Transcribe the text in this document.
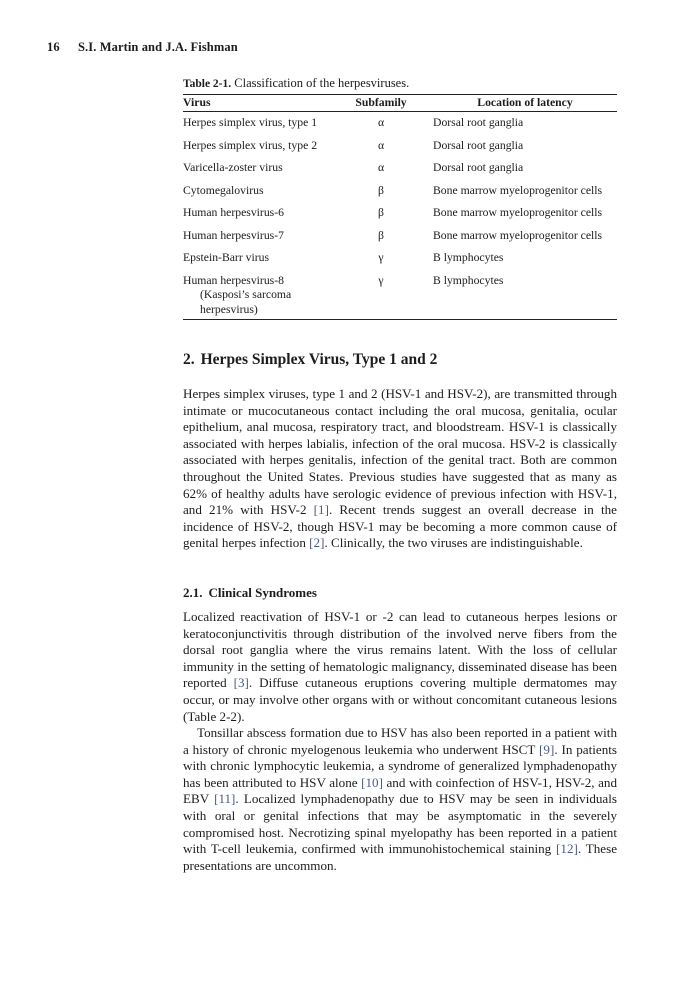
16 S.I. Martin and J.A. Fishman
Table 2-1. Classification of the herpesviruses.
Virus	Subfamily	Location of latency

Herpes simplex virus, type 1	α	Dorsal root ganglia

Herpes simplex virus, type 2	α	Dorsal root ganglia

Varicella-zoster virus	α	Dorsal root ganglia

Cytomegalovirus	β	Bone marrow myeloprogenitor cells

Human herpesvirus-6	β	Bone marrow myeloprogenitor cells

Human herpesvirus-7	β	Bone marrow myeloprogenitor cells

Epstein-Barr virus	γ	B lymphocytes

Human herpesvirus-8
(Kasposi’s sarcoma
herpesvirus)	γ	B lymphocytes
2. Herpes Simplex Virus, Type 1 and 2

Herpes simplex viruses, type 1 and 2 (HSV-1 and HSV-2), are transmitted through intimate or mucocutaneous contact including the oral mucosa, genitalia, ocular epithelium, anal mucosa, respiratory tract, and bloodstream. HSV-1 is classically associated with herpes labialis, infection of the oral mucosa. HSV-2 is classically associated with herpes genitalis, infection of the genital tract. Both are common throughout the United States. Previous studies have suggested that as many as 62% of healthy adults have serologic evidence of previous infection with HSV-1, and 21% with HSV-2 [1]. Recent trends suggest an overall decrease in the incidence of HSV-2, though HSV-1 may be becoming a more common cause of genital herpes infection [2]. Clinically, the two viruses are indistinguishable.

2.1. Clinical Syndromes

Localized reactivation of HSV-1 or -2 can lead to cutaneous herpes lesions or keratoconjunctivitis through distribution of the involved nerve fibers from the dorsal root ganglia where the virus remains latent. With the loss of cellular immunity in the setting of hematologic malignancy, disseminated disease has been reported [3]. Diffuse cutaneous eruptions covering multiple dermatomes may occur, or may involve other organs with or without concomitant cutaneous lesions (Table 2-2).

Tonsillar abscess formation due to HSV has also been reported in a patient with a history of chronic myelogenous leukemia who underwent HSCT [9]. In patients with chronic lymphocytic leukemia, a syndrome of generalized lymphadenopathy has been attributed to HSV alone [10] and with coinfection of HSV-1, HSV-2, and EBV [11]. Localized lymphadenopathy due to HSV may be seen in individuals with oral or genital infections that may be asymptomatic in the severely compromised host. Necrotizing spinal myelopathy has been reported in a patient with T-cell leukemia, confirmed with immunohistochemical staining [12]. These presentations are uncommon.
